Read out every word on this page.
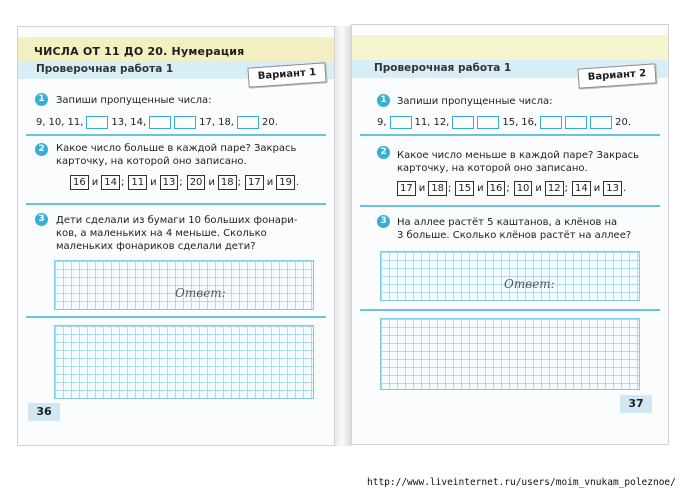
ЧИСЛА ОТ 11 ДО 20. Нумерация
Проверочная работа 1	Вариант 1
1	Запиши пропущенные числа:
9, 10, 11,	13, 14,	17, 18,	20.
2	Какое число больше в каждой паре? Закрась
карточку, на которой оно записано.
16 и 14 ; 11 и 13 ; 20 и 18 ; 17 и 19 .
3	Дети сделали из бумаги 10 больших фонари-
ков, а маленьких на 4 меньше. Сколько
маленьких фонариков сделали дети?
Ответ:
36
Проверочная работа 1	Вариант 2
1	Запиши пропущенные числа:
9,	11, 12,	15, 16,	20.
2	Какое число меньше в каждой паре? Закрась
карточку, на которой оно записано.
17 и 18 ; 15 и 16 ; 10 и 12 ; 14 и 13 .
3	На аллее растёт 5 каштанов, а клёнов на
3 больше. Сколько клёнов растёт на аллее?
Ответ:
37
http://www.liveinternet.ru/users/moim_vnukam_poleznoe/
